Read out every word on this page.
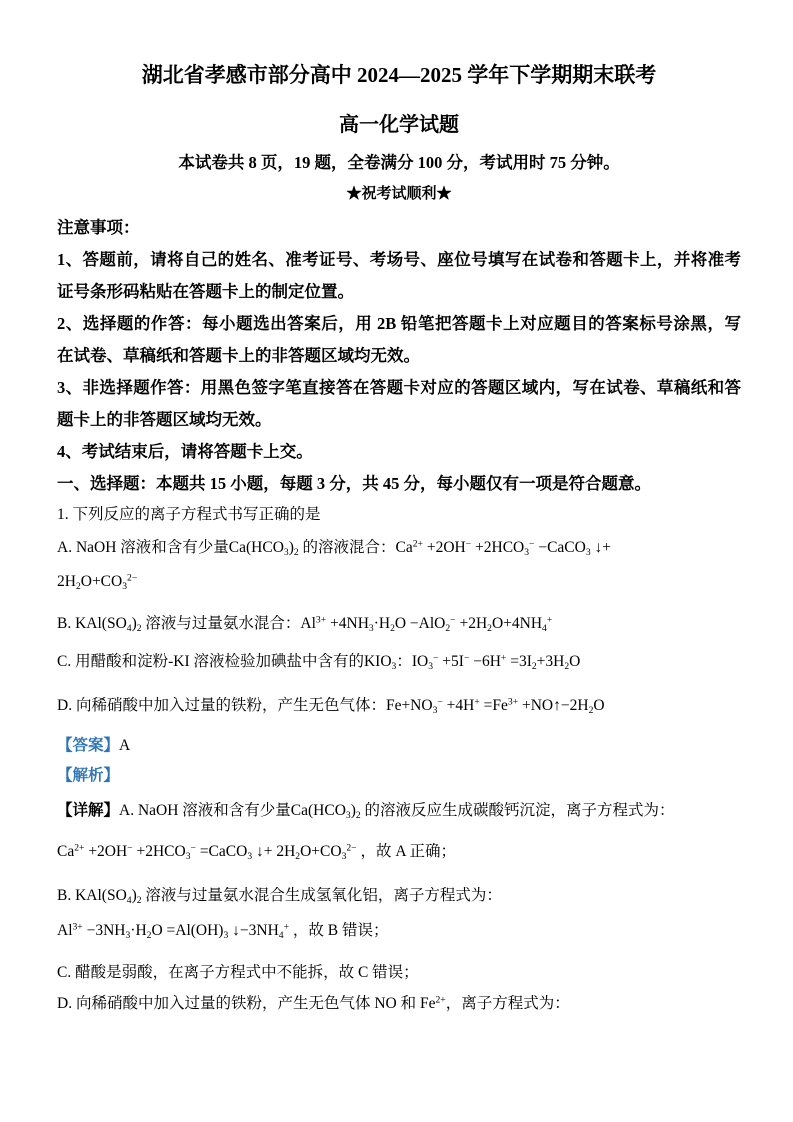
湖北省孝感市部分高中 2024—2025 学年下学期期末联考
高一化学试题
本试卷共 8 页，19 题，全卷满分 100 分，考试用时 75 分钟。
★祝考试顺利★
注意事项：
1、答题前，请将自己的姓名、准考证号、考场号、座位号填写在试卷和答题卡上，并将准考
证号条形码粘贴在答题卡上的制定位置。
2、选择题的作答：每小题选出答案后，用 2B 铅笔把答题卡上对应题目的答案标号涂黑，写
在试卷、草稿纸和答题卡上的非答题区域均无效。
3、非选择题作答：用黑色签字笔直接答在答题卡对应的答题区域内，写在试卷、草稿纸和答
题卡上的非答题区域均无效。
4、考试结束后，请将答题卡上交。
一、选择题：本题共 15 小题，每题 3 分，共 45 分，每小题仅有一项是符合题意。
1. 下列反应的离子方程式书写正确的是
A. NaOH 溶液和含有少量$Ca(HCO_3)_2$ 的溶液混合：$Ca^{2+} +2OH^- +2HCO_3^-$ −CaCO$_3$ ↓+
$2H_2O+CO_3^{2-}$
B. $KAl(SO_4)_2$ 溶液与过量氨水混合：$Al^{3+} +4NH_3\cdot H_2O -AlO_2^- +2H_2O+4NH_4^+$
C. 用醋酸和淀粉-KI 溶液检验加碘盐中含有的$KIO_3$：$IO_3^- +5I^- -6H^+ =3I_2+3H_2O$
D. 向稀硝酸中加入过量的铁粉，产生无色气体：$Fe+NO_3^- +4H^+ =Fe^{3+}$ $+NO↑-2H_2O$
【答案】A
【解析】
【详解】A. NaOH 溶液和含有少量$Ca(HCO_3)_2$ 的溶液反应生成碳酸钙沉淀，离子方程式为：
$Ca^{2+} +2OH^- +2HCO_3^-$ =CaCO$_3$ ↓+ $2H_2O+CO_3^{2-}$ ，故 A 正确；
B. $KAl(SO_4)_2$ 溶液与过量氨水混合生成氢氧化铝，离子方程式为：
$Al^{3+} -3NH_3\cdot H_2O =Al(OH)_3$ $↓-3NH_4^+$ ，故 B 错误；
C. 醋酸是弱酸，在离子方程式中不能拆，故 C 错误；
D. 向稀硝酸中加入过量的铁粉，产生无色气体 NO 和 $Fe^{2+}$，离子方程式为：
